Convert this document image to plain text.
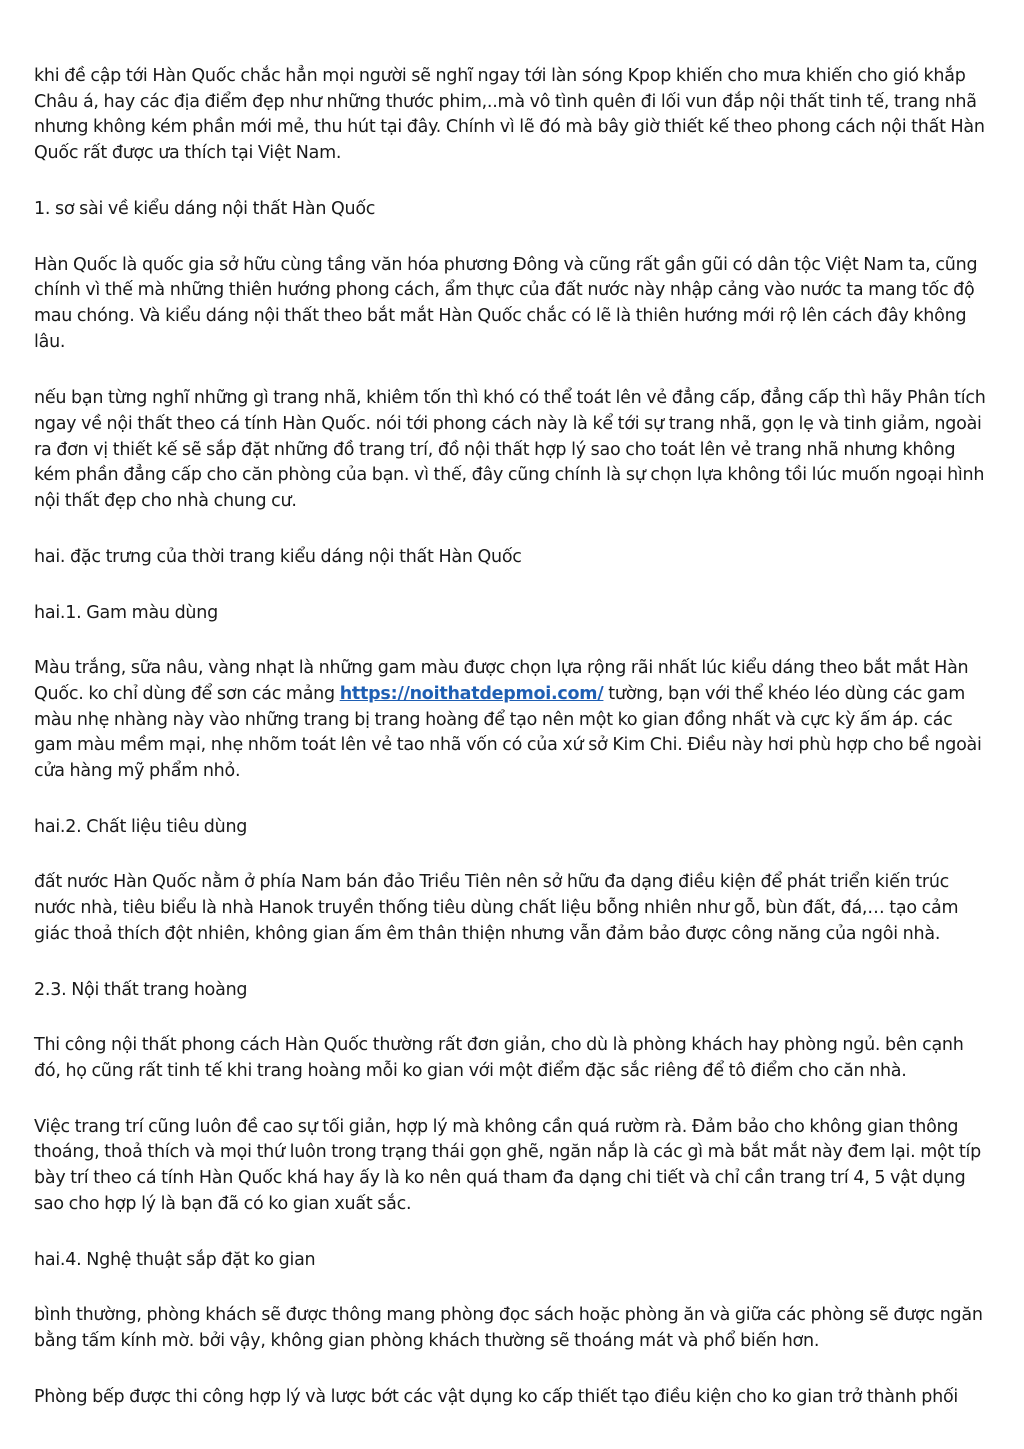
khi đề cập tới Hàn Quốc chắc hẳn mọi người sẽ nghĩ ngay tới làn sóng Kpop khiến cho mưa khiến cho gió khắp Châu á, hay các địa điểm đẹp như những thước phim,..mà vô tình quên đi lối vun đắp nội thất tinh tế, trang nhã nhưng không kém phần mới mẻ, thu hút tại đây. Chính vì lẽ đó mà bây giờ thiết kế theo phong cách nội thất Hàn Quốc rất được ưa thích tại Việt Nam.

1. sơ sài về kiểu dáng nội thất Hàn Quốc

Hàn Quốc là quốc gia sở hữu cùng tầng văn hóa phương Đông và cũng rất gần gũi có dân tộc Việt Nam ta, cũng chính vì thế mà những thiên hướng phong cách, ẩm thực của đất nước này nhập cảng vào nước ta mang tốc độ mau chóng. Và kiểu dáng nội thất theo bắt mắt Hàn Quốc chắc có lẽ là thiên hướng mới rộ lên cách đây không lâu.

nếu bạn từng nghĩ những gì trang nhã, khiêm tốn thì khó có thể toát lên vẻ đẳng cấp, đẳng cấp thì hãy Phân tích ngay về nội thất theo cá tính Hàn Quốc. nói tới phong cách này là kể tới sự trang nhã, gọn lẹ và tinh giảm, ngoài ra đơn vị thiết kế sẽ sắp đặt những đồ trang trí, đồ nội thất hợp lý sao cho toát lên vẻ trang nhã nhưng không kém phần đẳng cấp cho căn phòng của bạn. vì thế, đây cũng chính là sự chọn lựa không tồi lúc muốn ngoại hình nội thất đẹp cho nhà chung cư.

hai. đặc trưng của thời trang kiểu dáng nội thất Hàn Quốc

hai.1. Gam màu dùng

Màu trắng, sữa nâu, vàng nhạt là những gam màu được chọn lựa rộng rãi nhất lúc kiểu dáng theo bắt mắt Hàn Quốc. ko chỉ dùng để sơn các mảng https://noithatdepmoi.com/ tường, bạn với thể khéo léo dùng các gam màu nhẹ nhàng này vào những trang bị trang hoàng để tạo nên một ko gian đồng nhất và cực kỳ ấm áp. các gam màu mềm mại, nhẹ nhõm toát lên vẻ tao nhã vốn có của xứ sở Kim Chi. Điều này hơi phù hợp cho bề ngoài cửa hàng mỹ phẩm nhỏ.

hai.2. Chất liệu tiêu dùng

đất nước Hàn Quốc nằm ở phía Nam bán đảo Triều Tiên nên sở hữu đa dạng điều kiện để phát triển kiến trúc nước nhà, tiêu biểu là nhà Hanok truyền thống tiêu dùng chất liệu bỗng nhiên như gỗ, bùn đất, đá,… tạo cảm giác thoả thích đột nhiên, không gian ấm êm thân thiện nhưng vẫn đảm bảo được công năng của ngôi nhà.

2.3. Nội thất trang hoàng

Thi công nội thất phong cách Hàn Quốc thường rất đơn giản, cho dù là phòng khách hay phòng ngủ. bên cạnh đó, họ cũng rất tinh tế khi trang hoàng mỗi ko gian với một điểm đặc sắc riêng để tô điểm cho căn nhà.

Việc trang trí cũng luôn đề cao sự tối giản, hợp lý mà không cần quá rườm rà. Đảm bảo cho không gian thông thoáng, thoả thích và mọi thứ luôn trong trạng thái gọn ghẽ, ngăn nắp là các gì mà bắt mắt này đem lại. một típ bày trí theo cá tính Hàn Quốc khá hay ấy là ko nên quá tham đa dạng chi tiết và chỉ cần trang trí 4, 5 vật dụng sao cho hợp lý là bạn đã có ko gian xuất sắc.

hai.4. Nghệ thuật sắp đặt ko gian

bình thường, phòng khách sẽ được thông mang phòng đọc sách hoặc phòng ăn và giữa các phòng sẽ được ngăn bằng tấm kính mờ. bởi vậy, không gian phòng khách thường sẽ thoáng mát và phổ biến hơn.

Phòng bếp được thi công hợp lý và lược bớt các vật dụng ko cấp thiết tạo điều kiện cho ko gian trở thành phối
